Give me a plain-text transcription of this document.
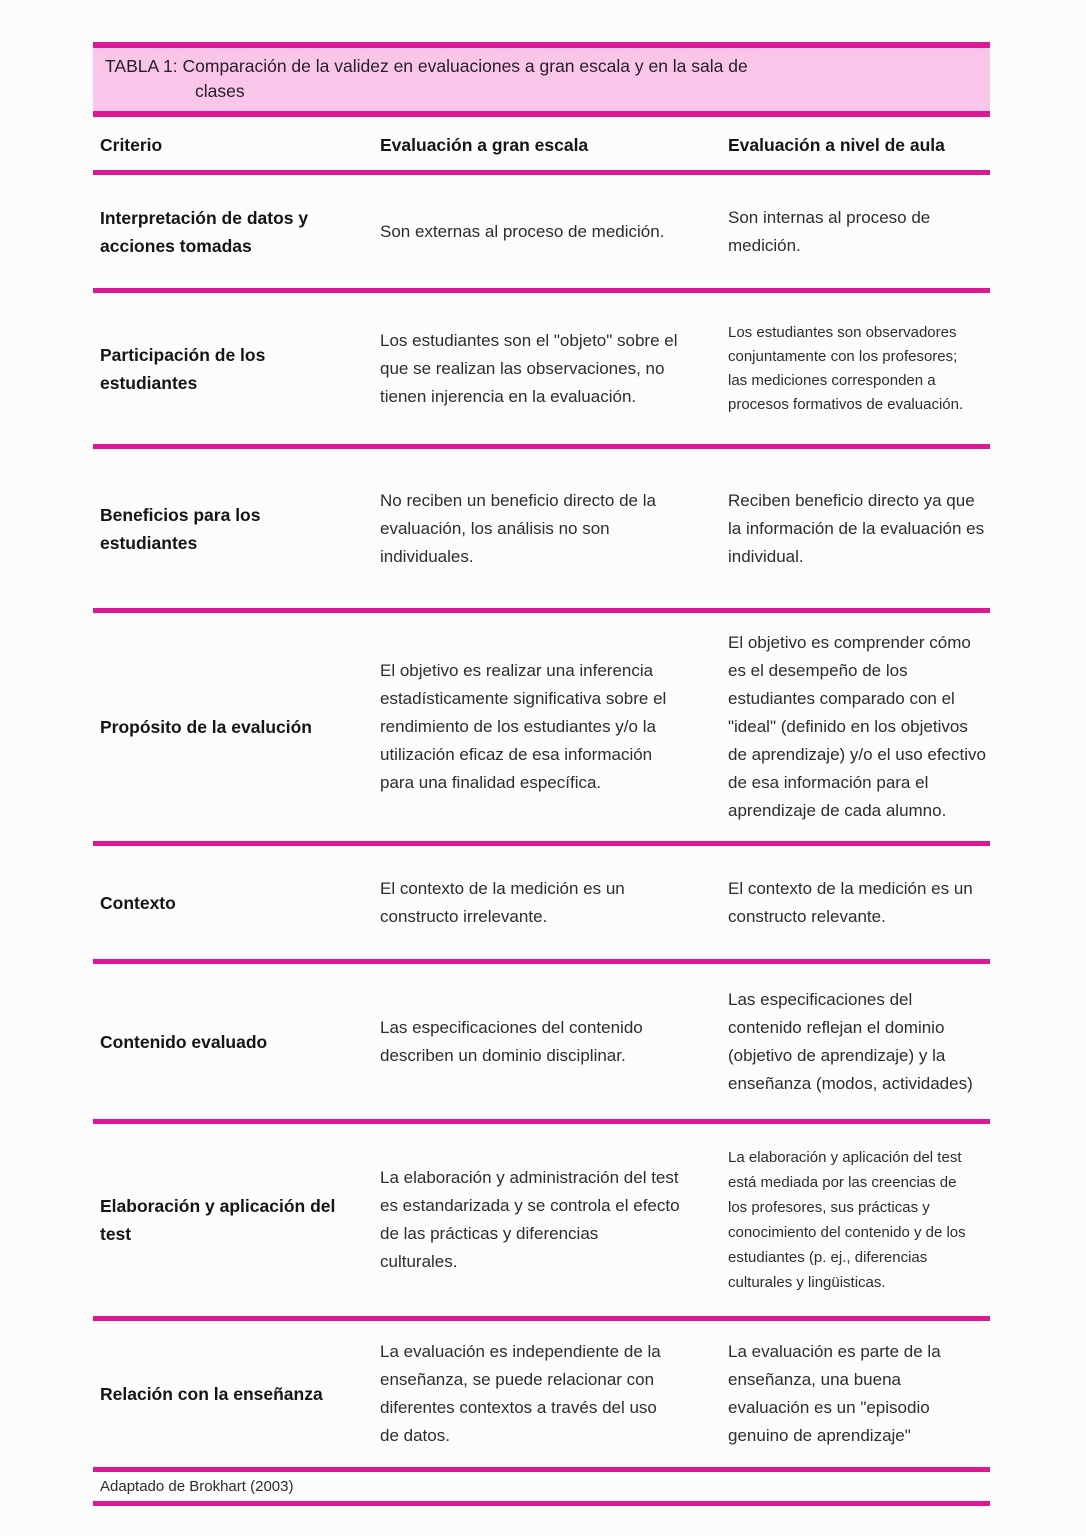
TABLA 1: Comparación de la validez en evaluaciones a gran escala y en la sala de
clases
Criterio	Evaluación a gran escala	Evaluación a nivel de aula
Interpretación de datos y acciones tomadas
Son externas al proceso de medición.
Son internas al proceso de medición.
Participación de los estudiantes
Los estudiantes son el "objeto" sobre el que se realizan las observaciones, no tienen injerencia en la evaluación.
Los estudiantes son observadores conjuntamente con los profesores; las mediciones corresponden a procesos formativos de evaluación.
Beneficios para los estudiantes
No reciben un beneficio directo de la evaluación, los análisis no son individuales.
Reciben beneficio directo ya que la información de la evaluación es individual.
Propósito de la evalución
El objetivo es realizar una inferencia estadísticamente significativa sobre el rendimiento de los estudiantes y/o la utilización eficaz de esa información para una finalidad específica.
El objetivo es comprender cómo es el desempeño de los estudiantes comparado con el "ideal" (definido en los objetivos de aprendizaje) y/o el uso efectivo de esa información para el aprendizaje de cada alumno.
Contexto
El contexto de la medición es un constructo irrelevante.
El contexto de la medición es un constructo relevante.
Contenido evaluado
Las especificaciones del contenido describen un dominio disciplinar.
Las especificaciones del contenido reflejan el dominio (objetivo de aprendizaje) y la enseñanza (modos, actividades)
Elaboración y aplicación del test
La elaboración y administración del test es estandarizada y se controla el efecto de las prácticas y diferencias culturales.
La elaboración y aplicación del test está mediada por las creencias de los profesores, sus prácticas y conocimiento del contenido y de los estudiantes (p. ej., diferencias culturales y lingüisticas.
Relación con la enseñanza
La evaluación es independiente de la enseñanza, se puede relacionar con diferentes contextos a través del uso de datos.
La evaluación es parte de la enseñanza, una buena evaluación es un "episodio genuino de aprendizaje"
Adaptado de Brokhart (2003)
